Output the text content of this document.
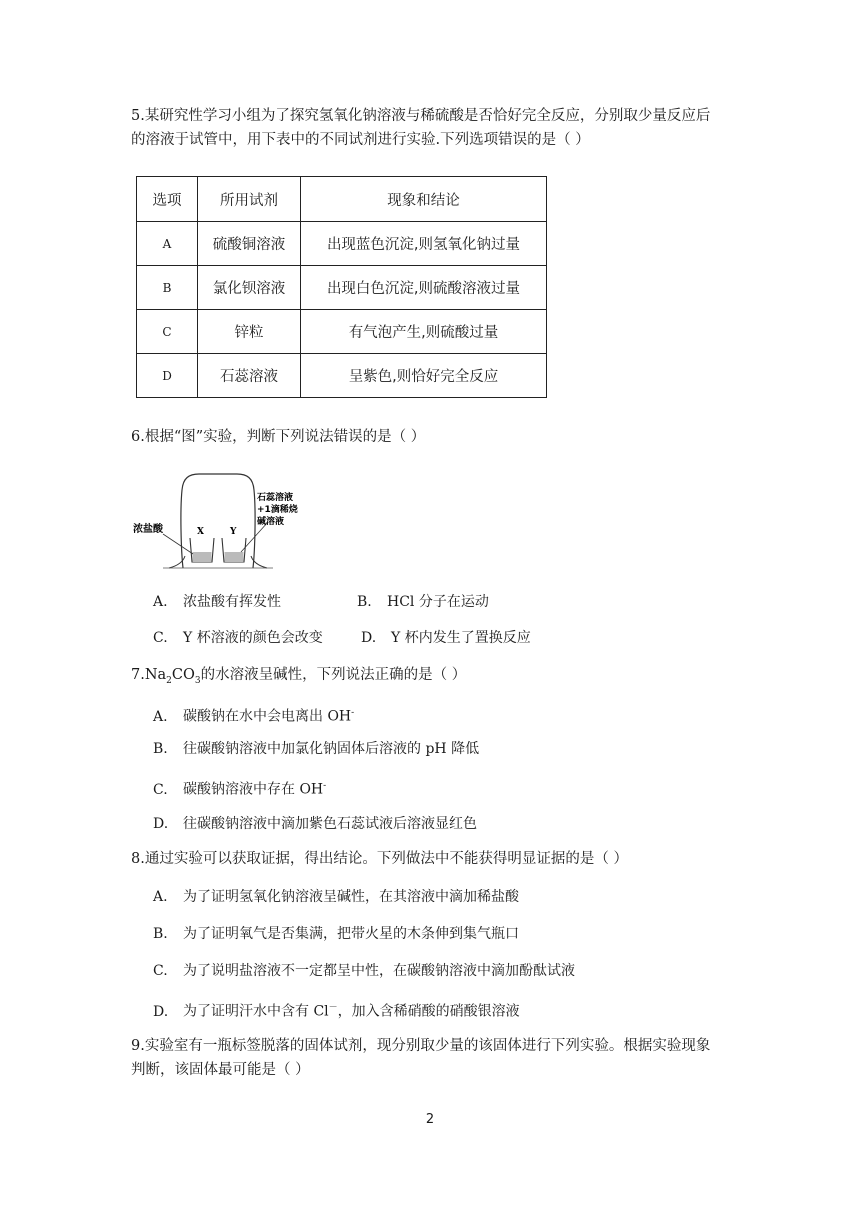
5.某研究性学习小组为了探究氢氧化钠溶液与稀硫酸是否恰好完全反应，分别取少量反应后
的溶液于试管中，用下表中的不同试剂进行实验.下列选项错误的是（ ）
选项	所用试剂	现象和结论
A	硫酸铜溶液	出现蓝色沉淀,则氢氧化钠过量
B	氯化钡溶液	出现白色沉淀,则硫酸溶液过量
C	锌粒	有气泡产生,则硫酸过量
D	石蕊溶液	呈紫色,则恰好完全反应
6.根据“图”实验，判断下列说法错误的是（ ）
浓盐酸	X	Y
石蕊溶液
+1滴稀烧
碱溶液
A. 浓盐酸有挥发性	B. HCl 分子在运动
C. Y 杯溶液的颜色会改变	D. Y 杯内发生了置换反应
$7.Na_2CO_3$的水溶液呈碱性，下列说法正确的是（ ）
A. 碳酸钠在水中会电离出 OH-
B. 往碳酸钠溶液中加氯化钠固体后溶液的 pH 降低
C. 碳酸钠溶液中存在 OH-
D. 往碳酸钠溶液中滴加紫色石蕊试液后溶液显红色
8.通过实验可以获取证据，得出结论。下列做法中不能获得明显证据的是（ ）
A. 为了证明氢氧化钠溶液呈碱性，在其溶液中滴加稀盐酸
B. 为了证明氧气是否集满，把带火星的木条伸到集气瓶口
C. 为了说明盐溶液不一定都呈中性，在碳酸钠溶液中滴加酚酞试液
D. 为了证明汗水中含有 Cl－，加入含稀硝酸的硝酸银溶液
9.实验室有一瓶标签脱落的固体试剂，现分别取少量的该固体进行下列实验。根据实验现象
判断，该固体最可能是（ ）
2
